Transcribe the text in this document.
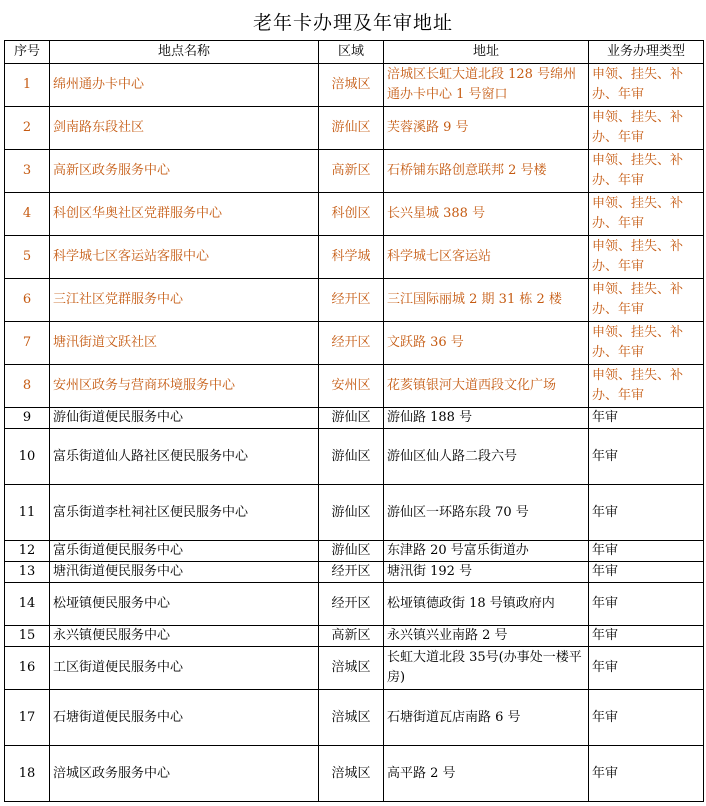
老年卡办理及年审地址
序号	地点名称	区域	地址	业务办理类型
1	绵州通办卡中心	涪城区	涪城区长虹大道北段 128 号绵州通办卡中心 1 号窗口	申领、挂失、补办、年审
2	剑南路东段社区	游仙区	芙蓉溪路 9 号	申领、挂失、补办、年审
3	高新区政务服务中心	高新区	石桥铺东路创意联邦 2 号楼	申领、挂失、补办、年审
4	科创区华奥社区党群服务中心	科创区	长兴星城 388 号	申领、挂失、补办、年审
5	科学城七区客运站客服中心	科学城	科学城七区客运站	申领、挂失、补办、年审
6	三江社区党群服务中心	经开区	三江国际丽城 2 期 31 栋 2 楼	申领、挂失、补办、年审
7	塘汛街道文跃社区	经开区	文跃路 36 号	申领、挂失、补办、年审
8	安州区政务与营商环境服务中心	安州区	花荄镇银河大道西段文化广场	申领、挂失、补办、年审
9	游仙街道便民服务中心	游仙区	游仙路 188 号	年审
10	富乐街道仙人路社区便民服务中心	游仙区	游仙区仙人路二段六号	年审
11	富乐街道李杜祠社区便民服务中心	游仙区	游仙区一环路东段 70 号	年审
12	富乐街道便民服务中心	游仙区	东津路 20 号富乐街道办	年审
13	塘汛街道便民服务中心	经开区	塘汛街 192 号	年审
14	松垭镇便民服务中心	经开区	松垭镇德政街 18 号镇政府内	年审
15	永兴镇便民服务中心	高新区	永兴镇兴业南路 2 号	年审
16	工区街道便民服务中心	涪城区	长虹大道北段 35号(办事处一楼平房)	年审
17	石塘街道便民服务中心	涪城区	石塘街道瓦店南路 6 号	年审
18	涪城区政务服务中心	涪城区	高平路 2 号	年审
